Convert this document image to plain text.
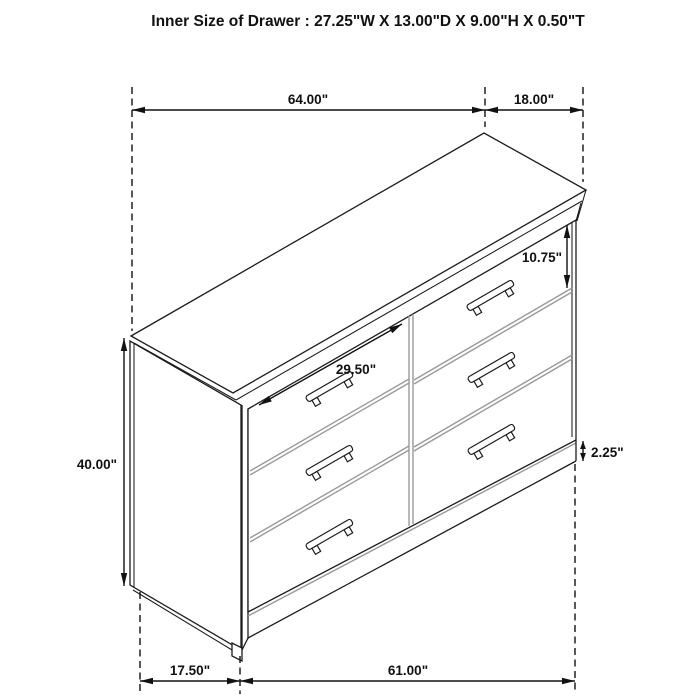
Inner Size of Drawer : 27.25"W X 13.00"D X 9.00"H X 0.50"T
64.00"	18.00"
40.00"
10.75"
29.50"
2.25"
17.50"	61.00"
